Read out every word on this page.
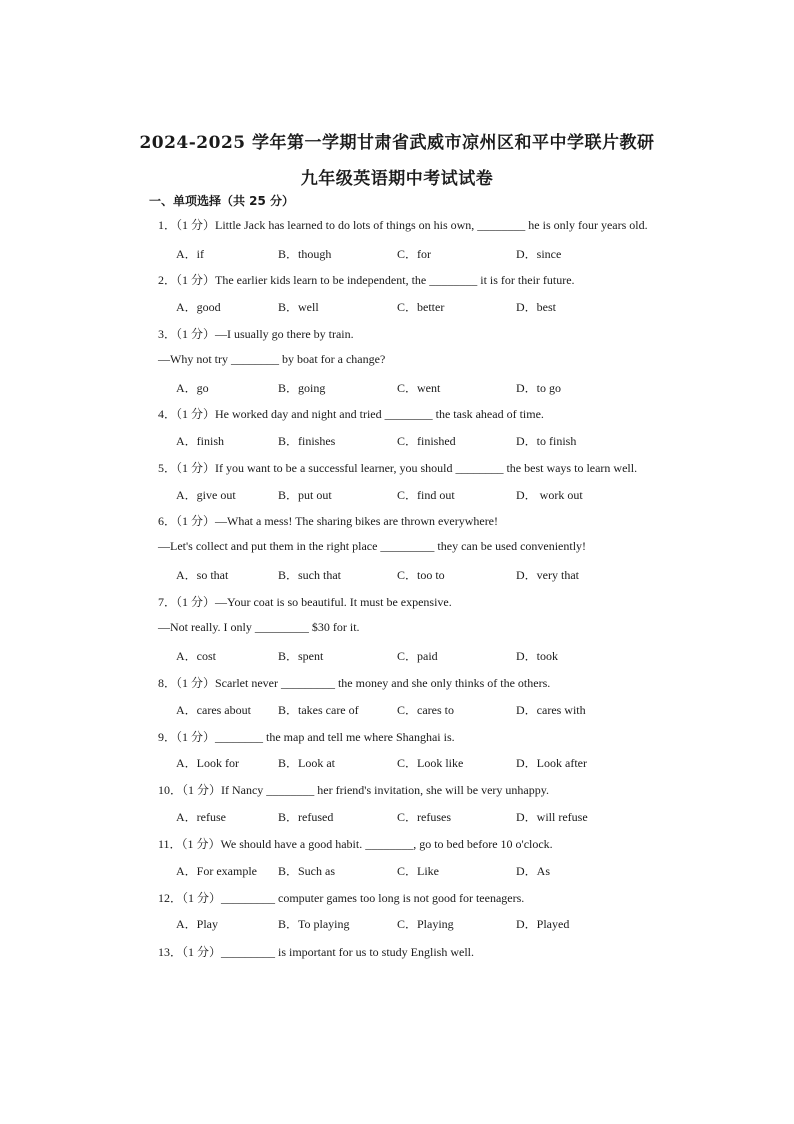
2024-2025 学年第一学期甘肃省武威市凉州区和平中学联片教研
九年级英语期中考试试卷

一、单项选择（共 25 分）

1．（1 分）Little Jack has learned to do lots of things on his own, ________ he is only four years old.
A．if	B．though	C．for	D．since
2．（1 分）The earlier kids learn to be independent, the ________ it is for their future.
A．good	B．well	C．better	D．best
3．（1 分）—I usually go there by train.
—Why not try ________ by boat for a change?
A．go	B．going	C．went	D．to go
4．（1 分）He worked day and night and tried ________ the task ahead of time.
A．finish	B．finishes	C．finished	D．to finish
5．（1 分）If you want to be a successful learner, you should ________ the best ways to learn well.
A．give out	B．put out	C．find out	D． work out
6．（1 分）—What a mess! The sharing bikes are thrown everywhere!
—Let's collect and put them in the right place _________ they can be used conveniently!
A．so that	B．such that	C．too to	D．very that
7．（1 分）—Your coat is so beautiful. It must be expensive.
—Not really. I only _________ $30 for it.
A．cost	B．spent	C．paid	D．took
8．（1 分）Scarlet never _________ the money and she only thinks of the others.
A．cares about B．takes care of	C．cares to	D．cares with
9．（1 分）________ the map and tell me where Shanghai is.
A．Look for	B．Look at	C．Look like	D．Look after
10．（1 分）If Nancy ________ her friend's invitation, she will be very unhappy.
A．refuse	B．refused	C．refuses	D．will refuse
11．（1 分）We should have a good habit. ________, go to bed before 10 o'clock.
A．For example B．Such as	C．Like	D．As
12．（1 分）_________ computer games too long is not good for teenagers.
A．Play	B．To playing	C．Playing	D．Played
13．（1 分）_________ is important for us to study English well.
